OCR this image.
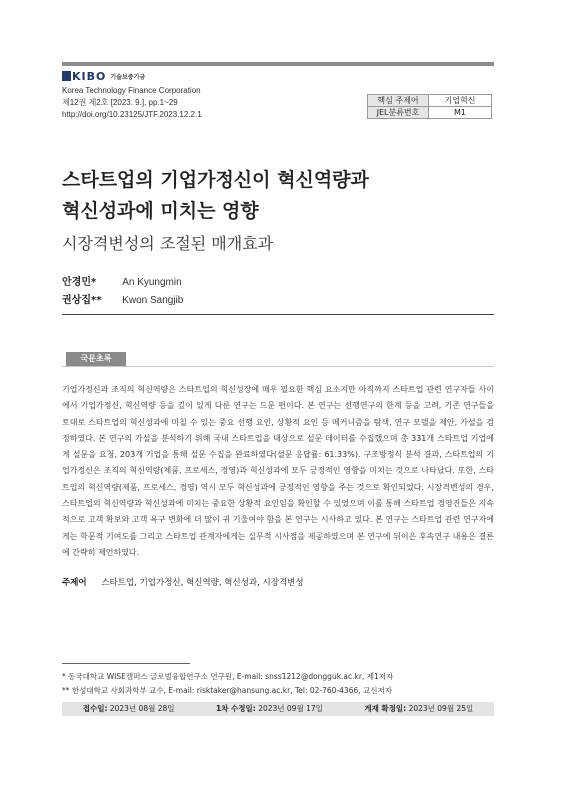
KIBO 기술보증기금
Korea Technology Finance Corporation
제12권 제2호 [2023. 9.], pp.1~29
http://doi.org/10.23125/JTF.2023.12.2.1
핵심 주제어	기업혁신
JEL분류번호	M1
스타트업의 기업가정신이 혁신역량과
혁신성과에 미치는 영향
시장격변성의 조절된 매개효과
안경민*	An Kyungmin
권상집** Kwon Sangjib
국문초록
기업가정신과 조직의 혁신역량은 스타트업의 혁신성장에 매우 필요한 핵심 요소지만 아직까지 스타트업 관련 연구자들 사이에서 기업가정신, 혁신역량 등을 깊이 있게 다룬 연구는 드문 편이다. 본 연구는 선행연구의 한계 등을 고려, 기존 연구들을 토대로 스타트업의 혁신성과에 미칠 수 있는 중요 선행 요인, 상황적 요인 등 메커니즘을 탐색, 연구 모델을 제안, 가설을 검정하였다. 본 연구의 가설을 분석하기 위해 국내 스타트업을 대상으로 설문 데이터를 수집했으며 총 331개 스타트업 기업에게 설문을 요청, 203개 기업을 통해 설문 수집을 완료하였다(설문 응답률: 61.33%). 구조방정식 분석 결과, 스타트업의 기업가정신은 조직의 혁신역량(제품, 프로세스, 경영)과 혁신성과에 모두 긍정적인 영향을 미치는 것으로 나타났다. 또한, 스타트업의 혁신역량(제품, 프로세스, 경영) 역시 모두 혁신성과에 긍정적인 영향을 주는 것으로 확인되었다. 시장격변성의 경우, 스타트업의 혁신역량과 혁신성과에 미치는 중요한 상황적 요인임을 확인할 수 있었으며 이를 통해 스타트업 경영진들은 지속적으로 고객 확보와 고객 욕구 변화에 더 많이 귀 기울여야 함을 본 연구는 시사하고 있다. 본 연구는 스타트업 관련 연구자에게는 학문적 기여도를 그리고 스타트업 관계자에게는 실무적 시사점을 제공하였으며 본 연구에 뒤이은 후속연구 내용은 결론에 간략히 제언하였다.
주제어 스타트업, 기업가정신, 혁신역량, 혁신성과, 시장격변성
* 동국대학교 WISE캠퍼스 글로벌융합연구소 연구원, E-mail: snss1212@dongguk.ac.kr, 제1저자
** 한성대학교 사회과학부 교수, E-mail: risktaker@hansung.ac.kr, Tel: 02-760-4366, 교신저자
접수일: 2023년 08월 28일	1차 수정일: 2023년 09월 17일	게재 확정일: 2023년 09월 25일
